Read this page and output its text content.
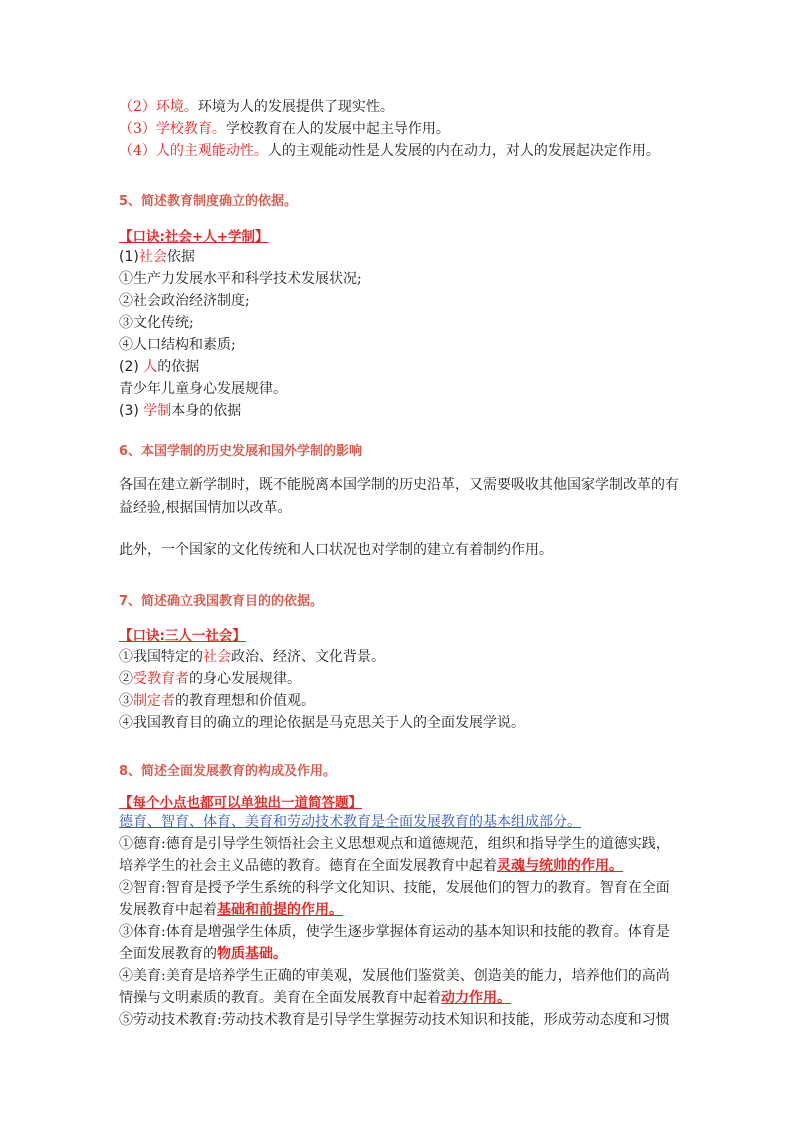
（2）环境。环境为人的发展提供了现实性。
（3）学校教育。学校教育在人的发展中起主导作用。
（4）人的主观能动性。人的主观能动性是人发展的内在动力，对人的发展起决定作用。
5、简述教育制度确立的依据。
【口诀:社会+人+学制】
(1)社会依据
①生产力发展水平和科学技术发展状况;
②社会政治经济制度;
③文化传统;
④人口结构和素质;
(2) 人的依据
青少年儿童身心发展规律。
(3) 学制本身的依据
6、本国学制的历史发展和国外学制的影响
各国在建立新学制时，既不能脱离本国学制的历史沿革，又需要吸收其他国家学制改革的有
益经验,根据国情加以改革。
此外，一个国家的文化传统和人口状况也对学制的建立有着制约作用。
7、简述确立我国教育目的的依据。
【口诀:三人一社会】
①我国特定的社会政治、经济、文化背景。
②受教育者的身心发展规律。
③制定者的教育理想和价值观。
④我国教育目的确立的理论依据是马克思关于人的全面发展学说。
8、简述全面发展教育的构成及作用。
【每个小点也都可以单独出一道简答题】
德育、智育、体育、美育和劳动技术教育是全面发展教育的基本组成部分。
①德育:德育是引导学生领悟社会主义思想观点和道德规范，组织和指导学生的道德实践，
培养学生的社会主义品德的教育。德育在全面发展教育中起着灵魂与统帅的作用。
②智育:智育是授予学生系统的科学文化知识、技能，发展他们的智力的教育。智育在全面
发展教育中起着基础和前提的作用。
③体育:体育是增强学生体质，使学生逐步掌握体育运动的基本知识和技能的教育。体育是
全面发展教育的物质基础。
④美育:美育是培养学生正确的审美观，发展他们鉴赏美、创造美的能力，培养他们的高尚
情操与文明素质的教育。美育在全面发展教育中起着动力作用。
⑤劳动技术教育:劳动技术教育是引导学生掌握劳动技术知识和技能，形成劳动态度和习惯
